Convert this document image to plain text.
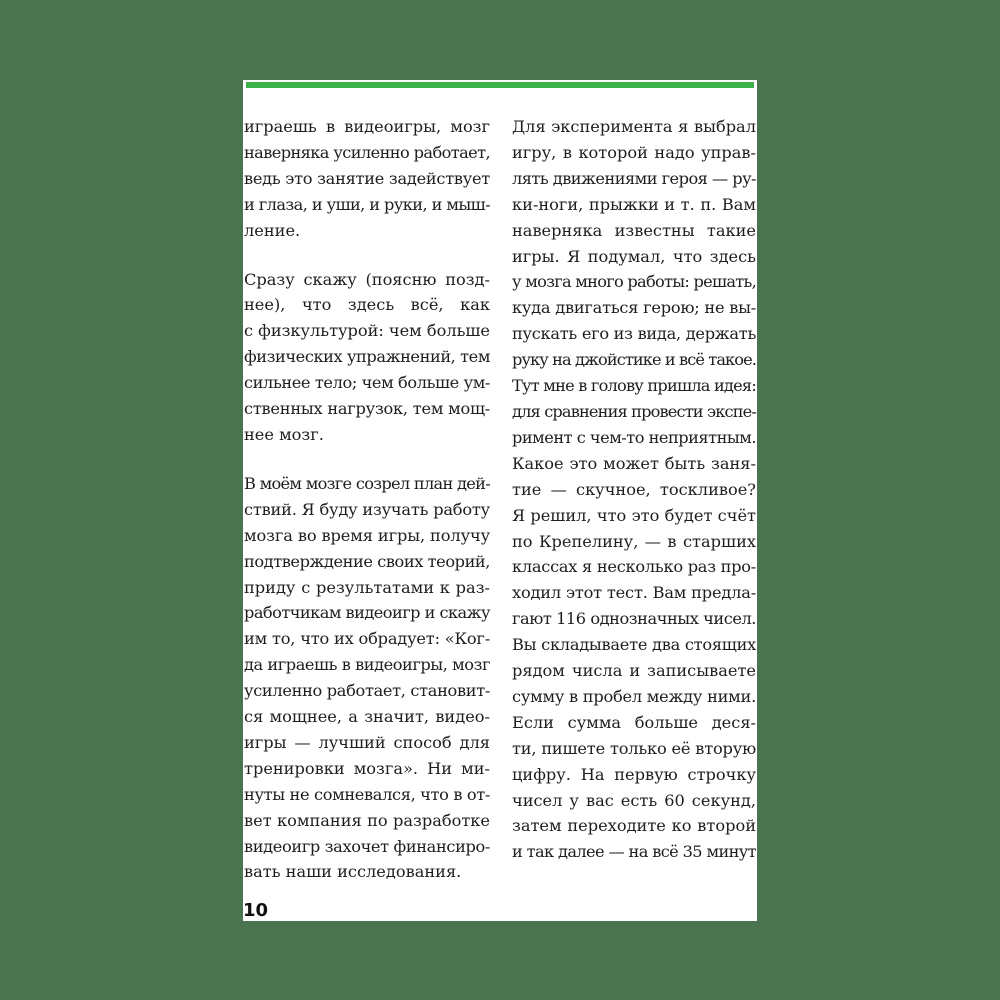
играешь в видеоигры, мозг
наверняка усиленно работает,
ведь это занятие задействует
и глаза, и уши, и руки, и мыш-
ление.
Сразу скажу (поясню позд-
нее), что здесь всё, как
с физкультурой: чем больше
физических упражнений, тем
сильнее тело; чем больше ум-
ственных нагрузок, тем мощ-
нее мозг.
В моём мозге созрел план дей-
ствий. Я буду изучать работу
мозга во время игры, получу
подтверждение своих теорий,
приду с результатами к раз-
работчикам видеоигр и скажу
им то, что их обрадует: «Ког-
да играешь в видеоигры, мозг
усиленно работает, становит-
ся мощнее, а значит, видео-
игры — лучший способ для
тренировки мозга». Ни ми-
нуты не сомневался, что в от-
вет компания по разработке
видеоигр захочет финансиро-
вать наши исследования.
Для эксперимента я выбрал
игру, в которой надо управ-
лять движениями героя — ру-
ки-ноги, прыжки и т. п. Вам
наверняка известны такие
игры. Я подумал, что здесь
у мозга много работы: решать,
куда двигаться герою; не вы-
пускать его из вида, держать
руку на джойстике и всё такое.
Тут мне в голову пришла идея:
для сравнения провести экспе-
римент с чем-то неприятным.
Какое это может быть заня-
тие — скучное, тоскливое?
Я решил, что это будет счёт
по Крепелину, — в старших
классах я несколько раз про-
ходил этот тест. Вам предла-
гают 116 однозначных чисел.
Вы складываете два стоящих
рядом числа и записываете
сумму в пробел между ними.
Если сумма больше деся-
ти, пишете только её вторую
цифру. На первую строчку
чисел у вас есть 60 секунд,
затем переходите ко второй
и так далее — на всё 35 минут
10
